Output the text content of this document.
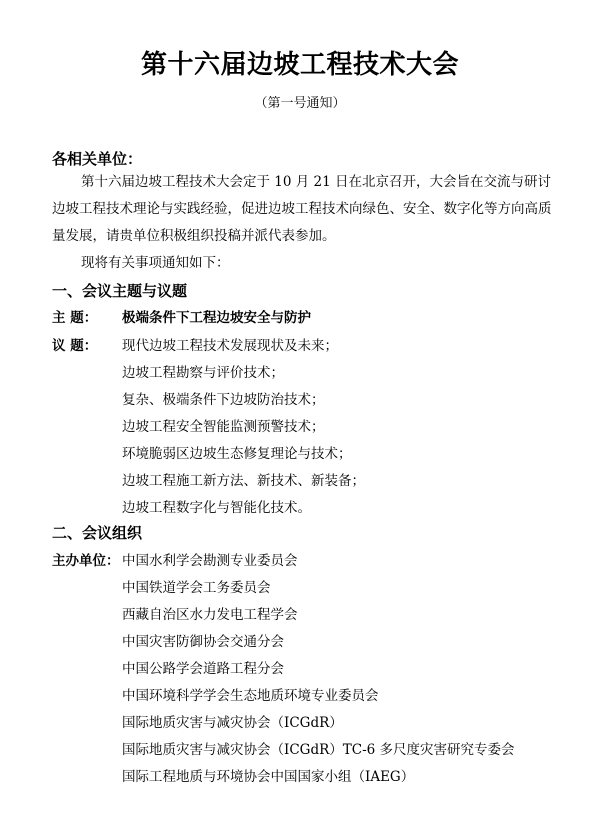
第十六届边坡工程技术大会
（第一号通知）
各相关单位：
第十六届边坡工程技术大会定于 10 月 21 日在北京召开，大会旨在交流与研讨边坡工程技术理论与实践经验，促进边坡工程技术向绿色、安全、数字化等方向高质量发展，请贵单位积极组织投稿并派代表参加。
现将有关事项通知如下：
一、会议主题与议题
主 题： 极端条件下工程边坡安全与防护
议 题： 现代边坡工程技术发展现状及未来；
边坡工程勘察与评价技术；
复杂、极端条件下边坡防治技术；
边坡工程安全智能监测预警技术；
环境脆弱区边坡生态修复理论与技术；
边坡工程施工新方法、新技术、新装备；
边坡工程数字化与智能化技术。
二、会议组织
主办单位： 中国水利学会勘测专业委员会
中国铁道学会工务委员会
西藏自治区水力发电工程学会
中国灾害防御协会交通分会
中国公路学会道路工程分会
中国环境科学学会生态地质环境专业委员会
国际地质灾害与减灾协会（ICGdR）
国际地质灾害与减灾协会（ICGdR）TC-6 多尺度灾害研究专委会
国际工程地质与环境协会中国国家小组（IAEG）
